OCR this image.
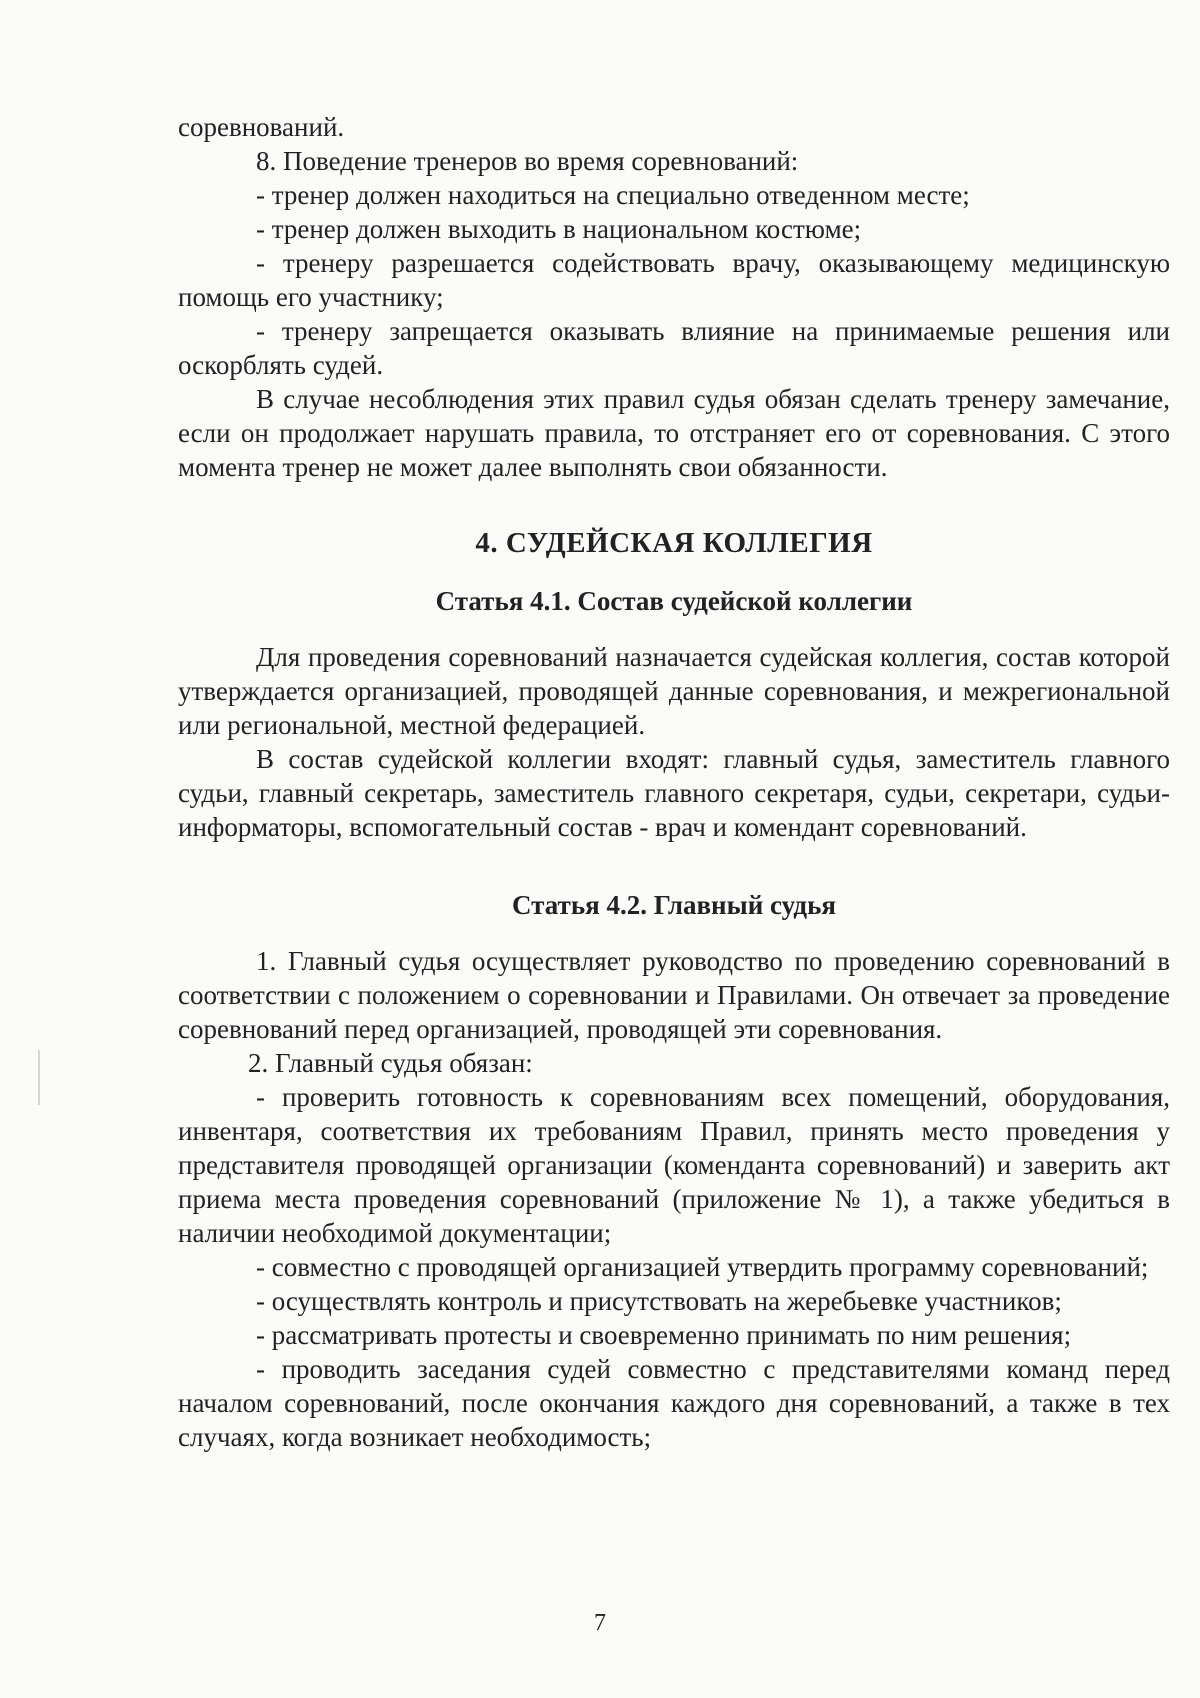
соревнований.

8. Поведение тренеров во время соревнований:

- тренер должен находиться на специально отведенном месте;

- тренер должен выходить в национальном костюме;

- тренеру разрешается содействовать врачу, оказывающему медицинскую помощь его участнику;

- тренеру запрещается оказывать влияние на принимаемые решения или оскорблять судей.

В случае несоблюдения этих правил судья обязан сделать тренеру замечание, если он продолжает нарушать правила, то отстраняет его от соревнования. С этого момента тренер не может далее выполнять свои обязанности.

4. СУДЕЙСКАЯ КОЛЛЕГИЯ
Статья 4.1. Состав судейской коллегии

Для проведения соревнований назначается судейская коллегия, состав которой утверждается организацией, проводящей данные соревнования, и межрегиональной или региональной, местной федерацией.

В состав судейской коллегии входят: главный судья, заместитель главного судьи, главный секретарь, заместитель главного секретаря, судьи, секретари, судьи-информаторы, вспомогательный состав - врач и комендант соревнований.

Статья 4.2. Главный судья

1. Главный судья осуществляет руководство по проведению соревнований в соответствии с положением о соревновании и Правилами. Он отвечает за проведение соревнований перед организацией, проводящей эти соревнования.

2. Главный судья обязан:

- проверить готовность к соревнованиям всех помещений, оборудования, инвентаря, соответствия их требованиям Правил, принять место проведения у представителя проводящей организации (коменданта соревнований) и заверить акт приема места проведения соревнований (приложение № 1), а также убедиться в наличии необходимой документации;

- совместно с проводящей организацией утвердить программу соревнований;

- осуществлять контроль и присутствовать на жеребьевке участников;

- рассматривать протесты и своевременно принимать по ним решения;

- проводить заседания судей совместно с представителями команд перед началом соревнований, после окончания каждого дня соревнований, а также в тех случаях, когда возникает необходимость;

7
